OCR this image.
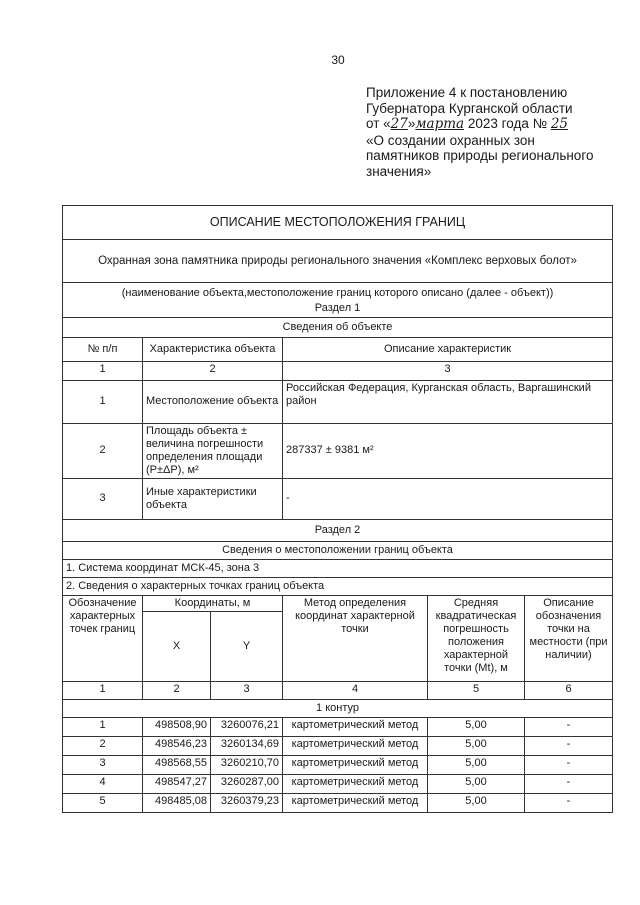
30
Приложение 4 к постановлению
Губернатора Курганской области
от «27»марта 2023 года № 25
«О создании охранных зон
памятников природы регионального
значения»
ОПИСАНИЕ МЕСТОПОЛОЖЕНИЯ ГРАНИЦ					
Охранная зона памятника природы регионального значения «Комплекс верховых болот»					
(наименование объекта,местоположение границ которого описано (далее - объект))					
Раздел 1					
Сведения об объекте					
№ п/п	Характеристика объекта		Описание характеристик		
1	2		3		
1	Местоположение объекта		Российская Федерация, Курганская область, Варгашинский район		
2	Площадь объекта ± величина погрешности определения площади (P±ΔP), м²		287337 ± 9381 м²		
3	Иные характеристики объекта		-		
Раздел 2					
Сведения о местоположении границ объекта					
1. Система координат МСК-45, зона 3					
2. Сведения о характерных точках границ объекта					
Обозначение характерных точек границ	Координаты, м		Метод определения координат характерной точки	Средняя квадратическая погрешность положения характерной точки (Mt), м	Описание обозначения точки на местности (при наличии)
	X	Y			
1	2	3	4	5	6
1 контур					
1	498508,90	3260076,21	картометрический метод	5,00	-
2	498546,23	3260134,69	картометрический метод	5,00	-
3	498568,55	3260210,70	картометрический метод	5,00	-
4	498547,27	3260287,00	картометрический метод	5,00	-
5	498485,08	3260379,23	картометрический метод	5,00	-
